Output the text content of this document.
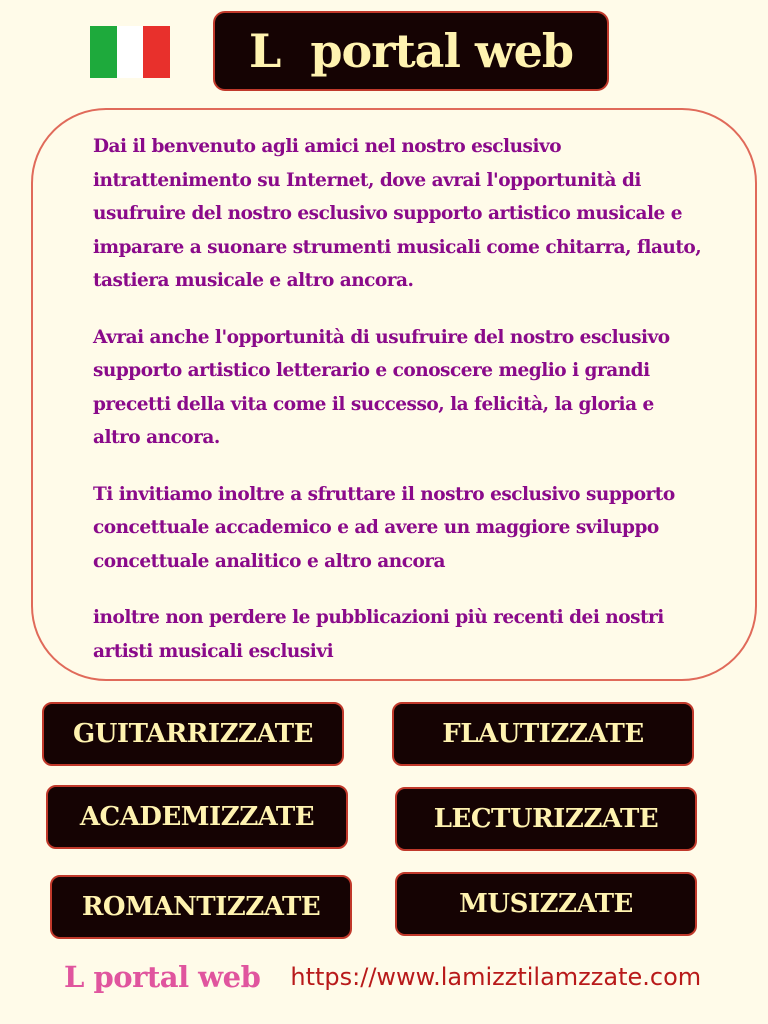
L  portal web

Dai il benvenuto agli amici nel nostro esclusivo intrattenimento su Internet, dove avrai l'opportunità di usufruire del nostro esclusivo supporto artistico musicale e imparare a suonare strumenti musicali come chitarra, flauto, tastiera musicale e altro ancora.

Avrai anche l'opportunità di usufruire del nostro esclusivo supporto artistico letterario e conoscere meglio i grandi precetti della vita come il successo, la felicità, la gloria e altro ancora.

Ti invitiamo inoltre a sfruttare il nostro esclusivo supporto concettuale accademico e ad avere un maggiore sviluppo concettuale analitico e altro ancora

inoltre non perdere le pubblicazioni più recenti dei nostri artisti musicali esclusivi

GUITARRIZZATE	FLAUTIZZATE
ACADEMIZZATE	LECTURIZZATE
ROMANTIZZATE	MUSIZZATE
L portal web https://www.lamizztilamzzate.com
